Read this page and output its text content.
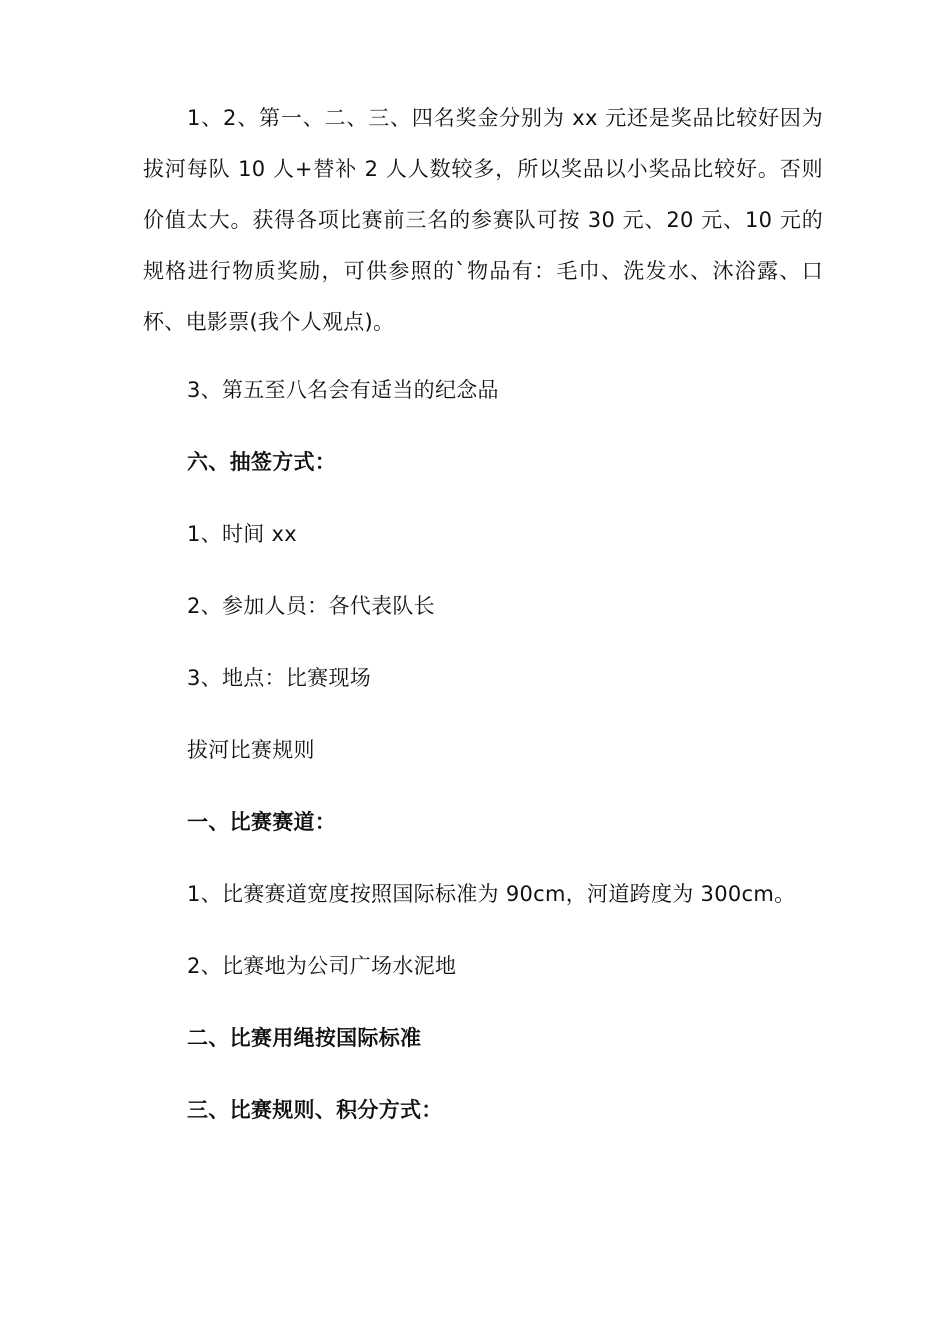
1、2、第一、二、三、四名奖金分别为 xx 元还是奖品比较好因为拔河每队 10 人+替补 2 人人数较多，所以奖品以小奖品比较好。否则价值太大。获得各项比赛前三名的参赛队可按 30 元、20 元、10 元的规格进行物质奖励，可供参照的`物品有：毛巾、洗发水、沐浴露、口杯、电影票(我个人观点)。

3、第五至八名会有适当的纪念品

六、抽签方式：

1、时间 xx

2、参加人员：各代表队长

3、地点：比赛现场

拔河比赛规则

一、比赛赛道：

1、比赛赛道宽度按照国际标准为 90cm，河道跨度为 300cm。

2、比赛地为公司广场水泥地

二、比赛用绳按国际标准

三、比赛规则、积分方式：
